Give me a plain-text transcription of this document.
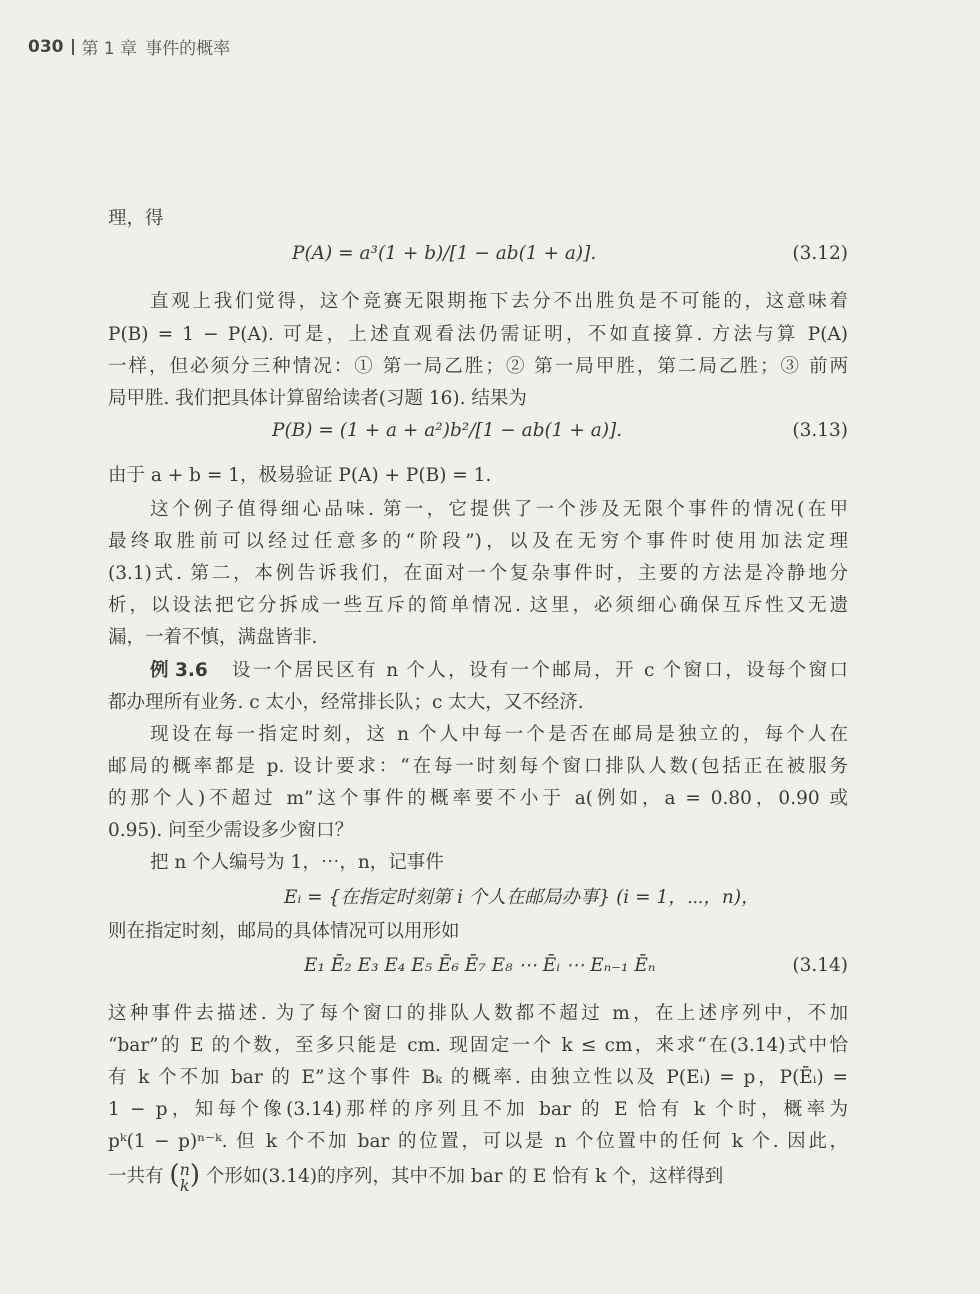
030 第 1 章 事件的概率
理，得
P(A) = a³(1 + b)/[1 − ab(1 + a)].	(3.12)
直观上我们觉得，这个竞赛无限期拖下去分不出胜负是不可能的，这意味着
P(B) = 1 − P(A). 可是，上述直观看法仍需证明，不如直接算. 方法与算 P(A)
一样，但必须分三种情况：① 第一局乙胜；② 第一局甲胜，第二局乙胜；③ 前两
局甲胜. 我们把具体计算留给读者(习题 16). 结果为
P(B) = (1 + a + a²)b²/[1 − ab(1 + a)].	(3.13)
由于 a + b = 1，极易验证 P(A) + P(B) = 1.
这个例子值得细心品味. 第一，它提供了一个涉及无限个事件的情况(在甲
最终取胜前可以经过任意多的“阶段”)，以及在无穷个事件时使用加法定理
(3.1)式. 第二，本例告诉我们，在面对一个复杂事件时，主要的方法是冷静地分
析，以设法把它分拆成一些互斥的简单情况. 这里，必须细心确保互斥性又无遗
漏，一着不慎，满盘皆非.
例 3.6 设一个居民区有 n 个人，设有一个邮局，开 c 个窗口，设每个窗口
都办理所有业务. c 太小，经常排长队；c 太大，又不经济.
现设在每一指定时刻，这 n 个人中每一个是否在邮局是独立的，每个人在
邮局的概率都是 p. 设计要求：“在每一时刻每个窗口排队人数(包括正在被服务
的那个人)不超过 m”这个事件的概率要不小于 a(例如，a = 0.80，0.90 或
0.95). 问至少需设多少窗口？
把 n 个人编号为 1，⋯，n，记事件
Eᵢ = {在指定时刻第 i 个人在邮局办事} (i = 1，⋯，n)，
则在指定时刻，邮局的具体情况可以用形如
E₁ Ē₂ E₃ E₄ E₅ Ē₆ Ē₇ E₈ ⋯ Ēᵢ ⋯ Eₙ₋₁ Ēₙ	(3.14)
这种事件去描述. 为了每个窗口的排队人数都不超过 m，在上述序列中，不加
“bar”的 E 的个数，至多只能是 cm. 现固定一个 k ≤ cm，来求“在(3.14)式中恰
有 k 个不加 bar 的 E”这个事件 Bₖ 的概率. 由独立性以及 P(Eᵢ) = p，P(Ēᵢ) =
1 − p，知每个像(3.14)那样的序列且不加 bar 的 E 恰有 k 个时，概率为
pᵏ(1 − p)ⁿ⁻ᵏ. 但 k 个不加 bar 的位置，可以是 n 个位置中的任何 k 个. 因此，
一共有 ( n
k ) 个形如(3.14)的序列，其中不加 bar 的 E 恰有 k 个，这样得到
